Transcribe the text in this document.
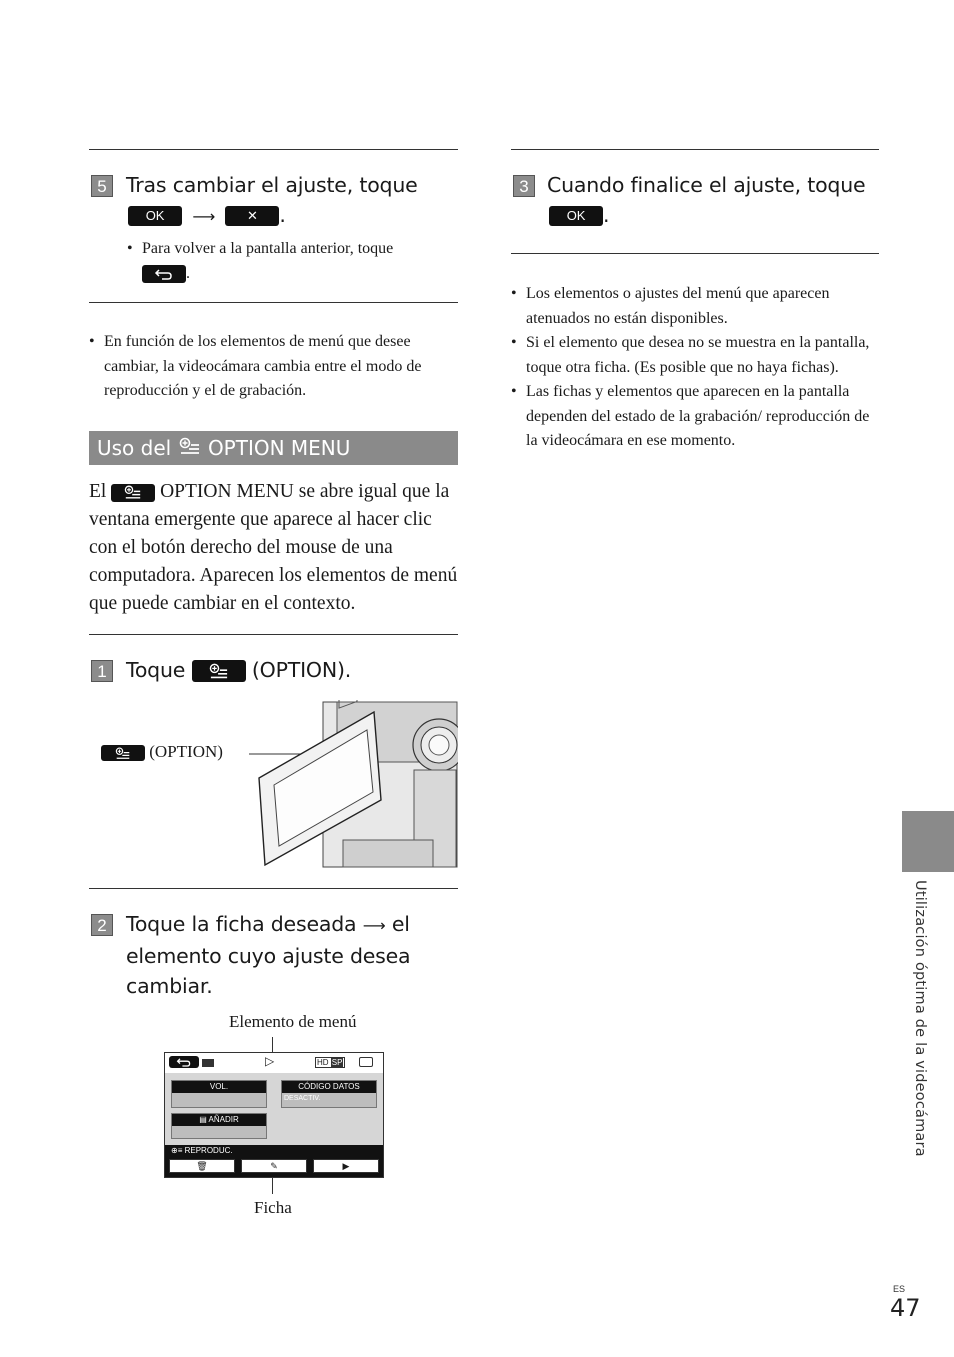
5 Tras cambiar el ajuste, toque
OK ⟶ ✕ .
• Para volver a la pantalla anterior, toque
.
• En función de los elementos de menú que desee cambiar, la videocámara cambia entre el modo de reproducción y el de grabación.
Uso del OPTION MENU
El	OPTION MENU se abre igual que la ventana emergente que aparece al hacer clic con el botón derecho del mouse de una computadora. Aparecen los elementos de menú que puede cambiar en el contexto.
1 Toque	(OPTION).
(OPTION)
2 Toque la ficha deseada ⟶ el
elemento cuyo ajuste desea
cambiar.
Elemento de menú
▷	HD SP
VOL.	CÓDIGO DATOS
DESACTIV.
▤ AÑADIR
⊕≡ REPRODUC.
🗑	✎	▶
Ficha
3 Cuando finalice el ajuste, toque
OK .
• Los elementos o ajustes del menú que aparecen atenuados no están disponibles.
• Si el elemento que desea no se muestra en la pantalla, toque otra ficha. (Es posible que no haya fichas).
• Las fichas y elementos que aparecen en la pantalla dependen del estado de la grabación/ reproducción de la videocámara en ese momento.
Utilización óptima de la videocámara
ES
47
